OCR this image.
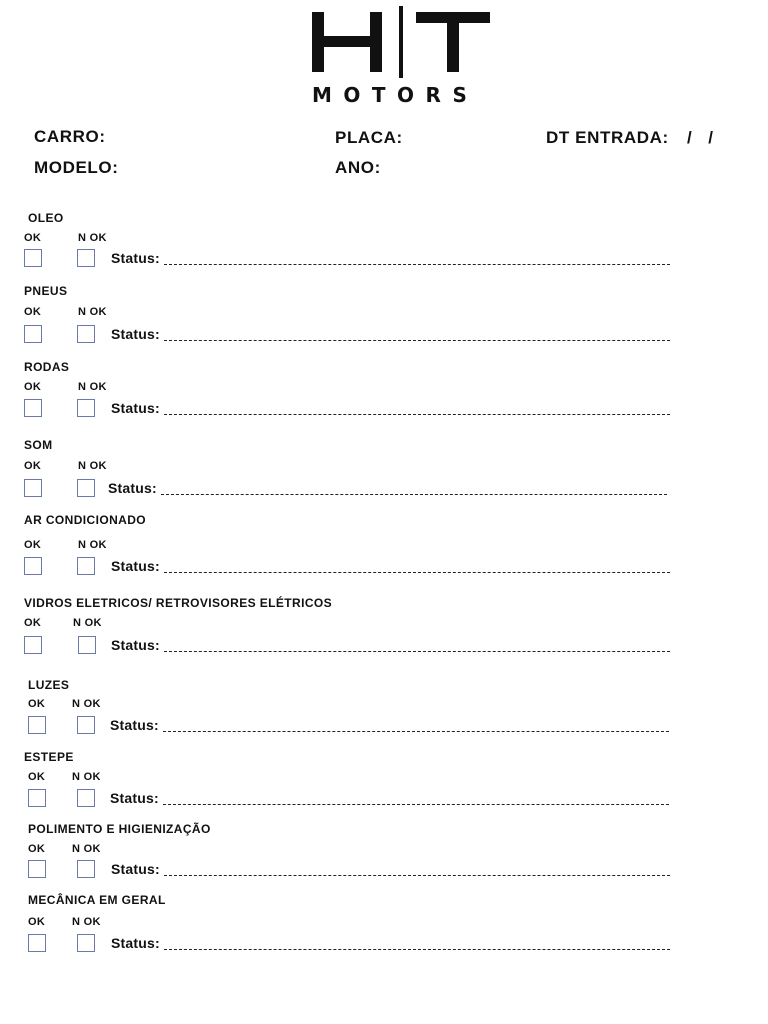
MOTORS
CARRO:	PLACA:	DT ENTRADA: /   /
MODELO:	ANO:
OLEO
OK	N OK
Status:
PNEUS
OK	N OK
Status:
RODAS
OK	N OK
Status:
SOM
OK	N OK
Status:
AR CONDICIONADO
OK	N OK
Status:
VIDROS ELETRICOS/ RETROVISORES ELÉTRICOS
OK	N OK
Status:
LUZES
OK N OK
Status:
ESTEPE
OK N OK
Status:
POLIMENTO E HIGIENIZAÇÃO
OK N OK
Status:
MECÂNICA EM GERAL
OK N OK
Status:
